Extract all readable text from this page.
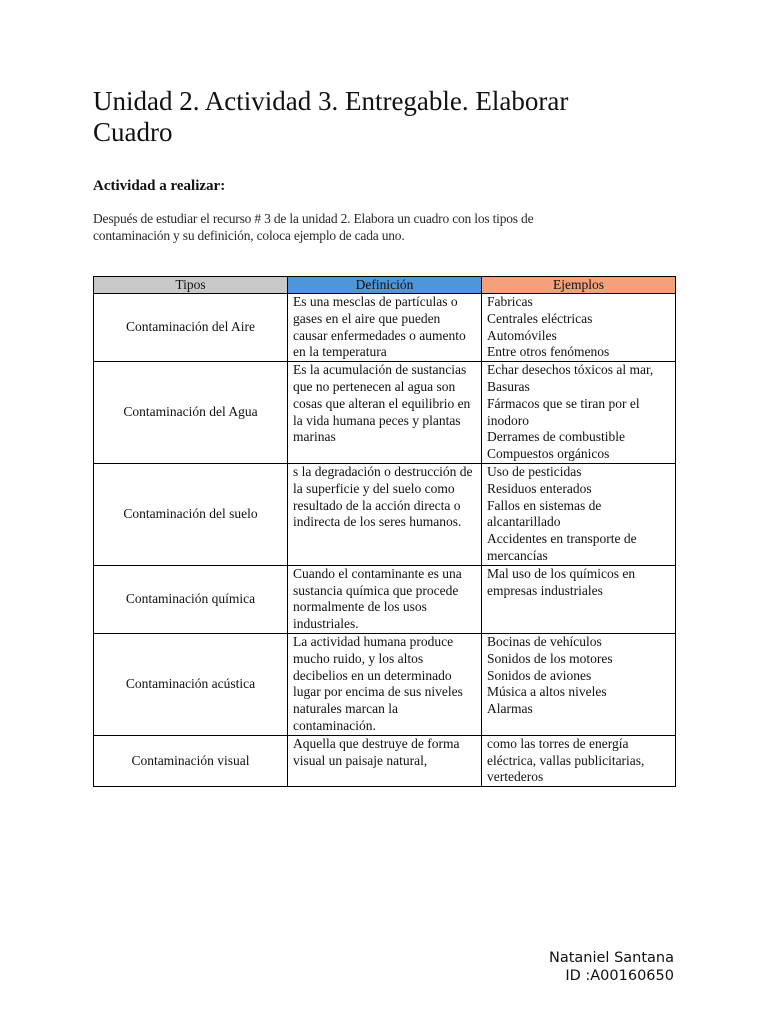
Unidad 2. Actividad 3. Entregable. Elaborar Cuadro
Actividad a realizar:

Después de estudiar el recurso # 3 de la unidad 2. Elabora un cuadro con los tipos de contaminación y su definición, coloca ejemplo de cada uno.

Tipos	Definición	Ejemplos
Contaminación del Aire	Es una mesclas de partículas o gases en el aire que pueden causar enfermedades o aumento en la temperatura	Fabricas
Centrales eléctricas
Automóviles
Entre otros fenómenos

Contaminación del Agua	Es la acumulación de sustancias que no pertenecen al agua son cosas que alteran el equilibrio en la vida humana peces y plantas marinas	Echar desechos tóxicos al mar, Basuras
Fármacos que se tiran por el inodoro
Derrames de combustible
Compuestos orgánicos

Contaminación del suelo	s la degradación o destrucción de la superficie y del suelo como resultado de la acción directa o indirecta de los seres humanos.	Uso de pesticidas
Residuos enterados
Fallos en sistemas de alcantarillado
Accidentes en transporte de mercancías

Contaminación química	Cuando el contaminante es una sustancia química que procede normalmente de los usos industriales.	Mal uso de los químicos en empresas industriales

Contaminación acústica	La actividad humana produce mucho ruido, y los altos decibelios en un determinado lugar por encima de sus niveles naturales marcan la contaminación.	Bocinas de vehículos
Sonidos de los motores
Sonidos de aviones
Música a altos niveles
Alarmas

Contaminación visual	Aquella que destruye de forma visual un paisaje natural,	como las torres de energía eléctrica, vallas publicitarias, vertederos
Nataniel Santana
ID :A00160650
